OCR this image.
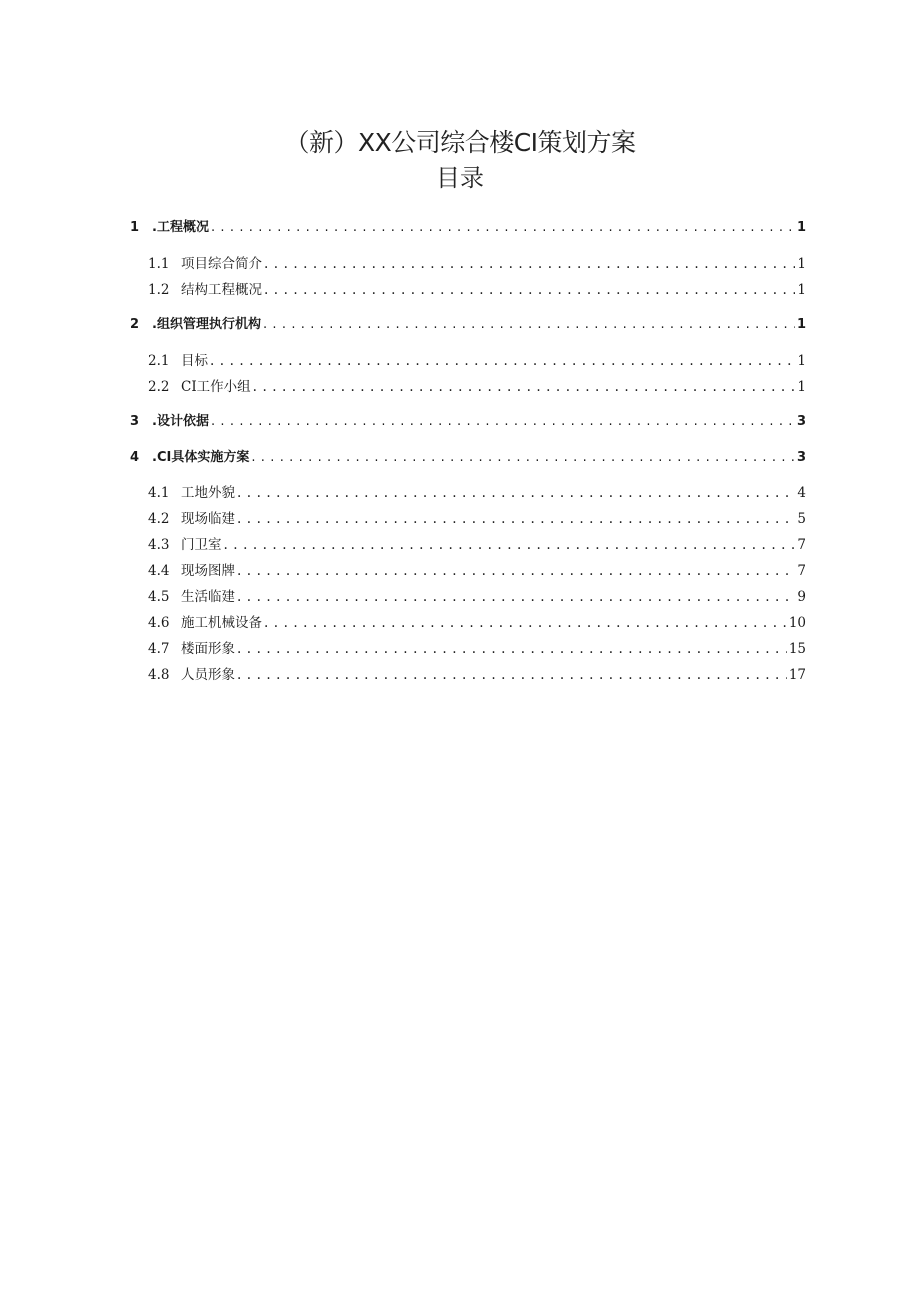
（新）XX公司综合楼CI策划方案
目录
1 .工程概况 . . .	1
1.1 项目综合简介 . . .	1
1.2 结构工程概况 . . .	1
2 .组织管理执行机构 . . .	1
2.1 目标 . . .	1
2.2 CI工作小组 . . .	1
3 .设计依据 . . .	3
4 .CI具体实施方案 . . .	3
4.1 工地外貌 . . .	4
4.2 现场临建 . . .	5
4.3 门卫室 . . .	7
4.4 现场图牌 . . .	7
4.5 生活临建 . . .	9
4.6 施工机械设备 . . .	10
4.7 楼面形象 . . .	15
4.8 人员形象 . . .	17
